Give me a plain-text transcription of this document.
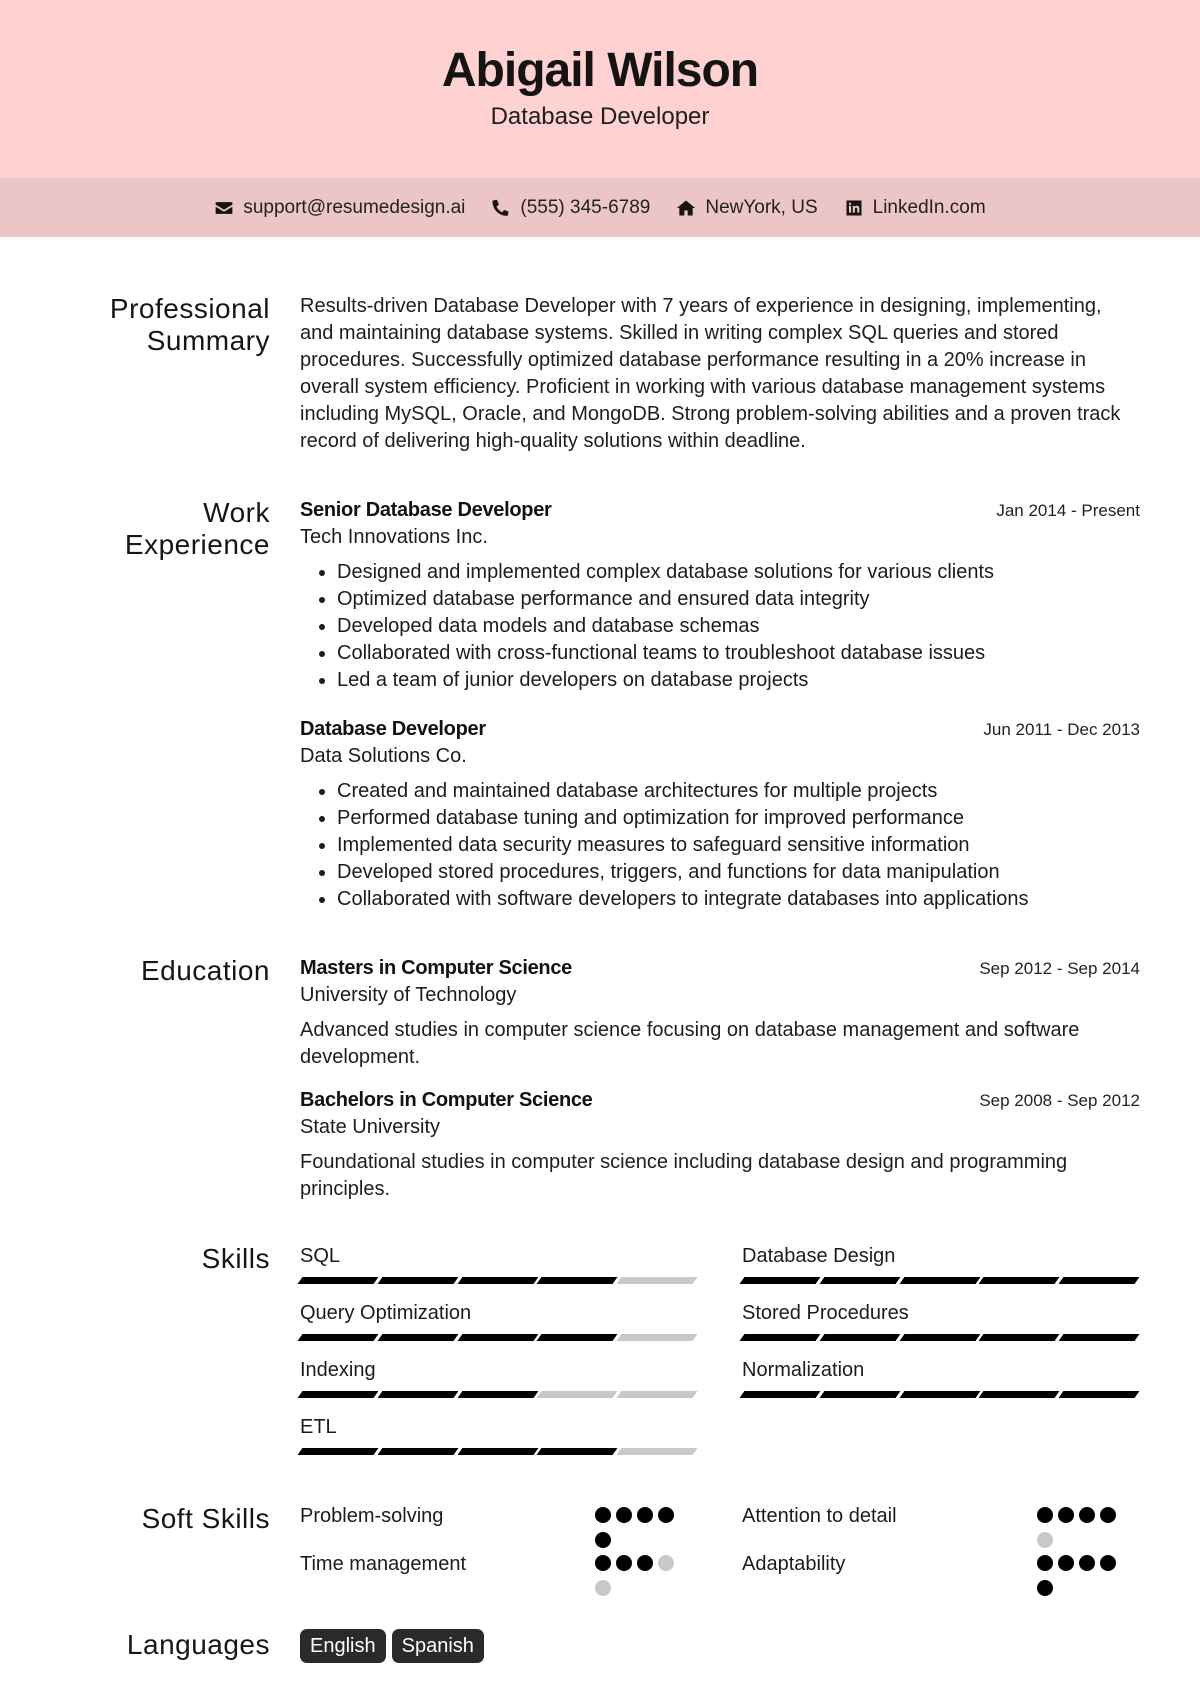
Abigail Wilson
Database Developer
support@resumedesign.ai	(555) 345-6789	NewYork, US	LinkedIn.com
Professional
Summary

Results-driven Database Developer with 7 years of experience in designing, implementing, and maintaining database systems. Skilled in writing complex SQL queries and stored procedures. Successfully optimized database performance resulting in a 20% increase in overall system efficiency. Proficient in working with various database management systems including MySQL, Oracle, and MongoDB. Strong problem-solving abilities and a proven track record of delivering high-quality solutions within deadline.

Work
Experience
Senior Database Developer	Jan 2014 - Present
Tech Innovations Inc.
• Designed and implemented complex database solutions for various clients
• Optimized database performance and ensured data integrity
• Developed data models and database schemas
• Collaborated with cross-functional teams to troubleshoot database issues
• Led a team of junior developers on database projects
Database Developer	Jun 2011 - Dec 2013
Data Solutions Co.
• Created and maintained database architectures for multiple projects
• Performed database tuning and optimization for improved performance
• Implemented data security measures to safeguard sensitive information
• Developed stored procedures, triggers, and functions for data manipulation
• Collaborated with software developers to integrate databases into applications
Education Masters in Computer Science	Sep 2012 - Sep 2014
University of Technology

Advanced studies in computer science focusing on database management and software development.

Bachelors in Computer Science	Sep 2008 - Sep 2012
State University

Foundational studies in computer science including database design and programming principles.

Skills SQL	Database Design
Query Optimization	Stored Procedures
Indexing	Normalization
ETL
Soft Skills Problem-solving	Attention to detail
Time management	Adaptability
Languages	English	Spanish
